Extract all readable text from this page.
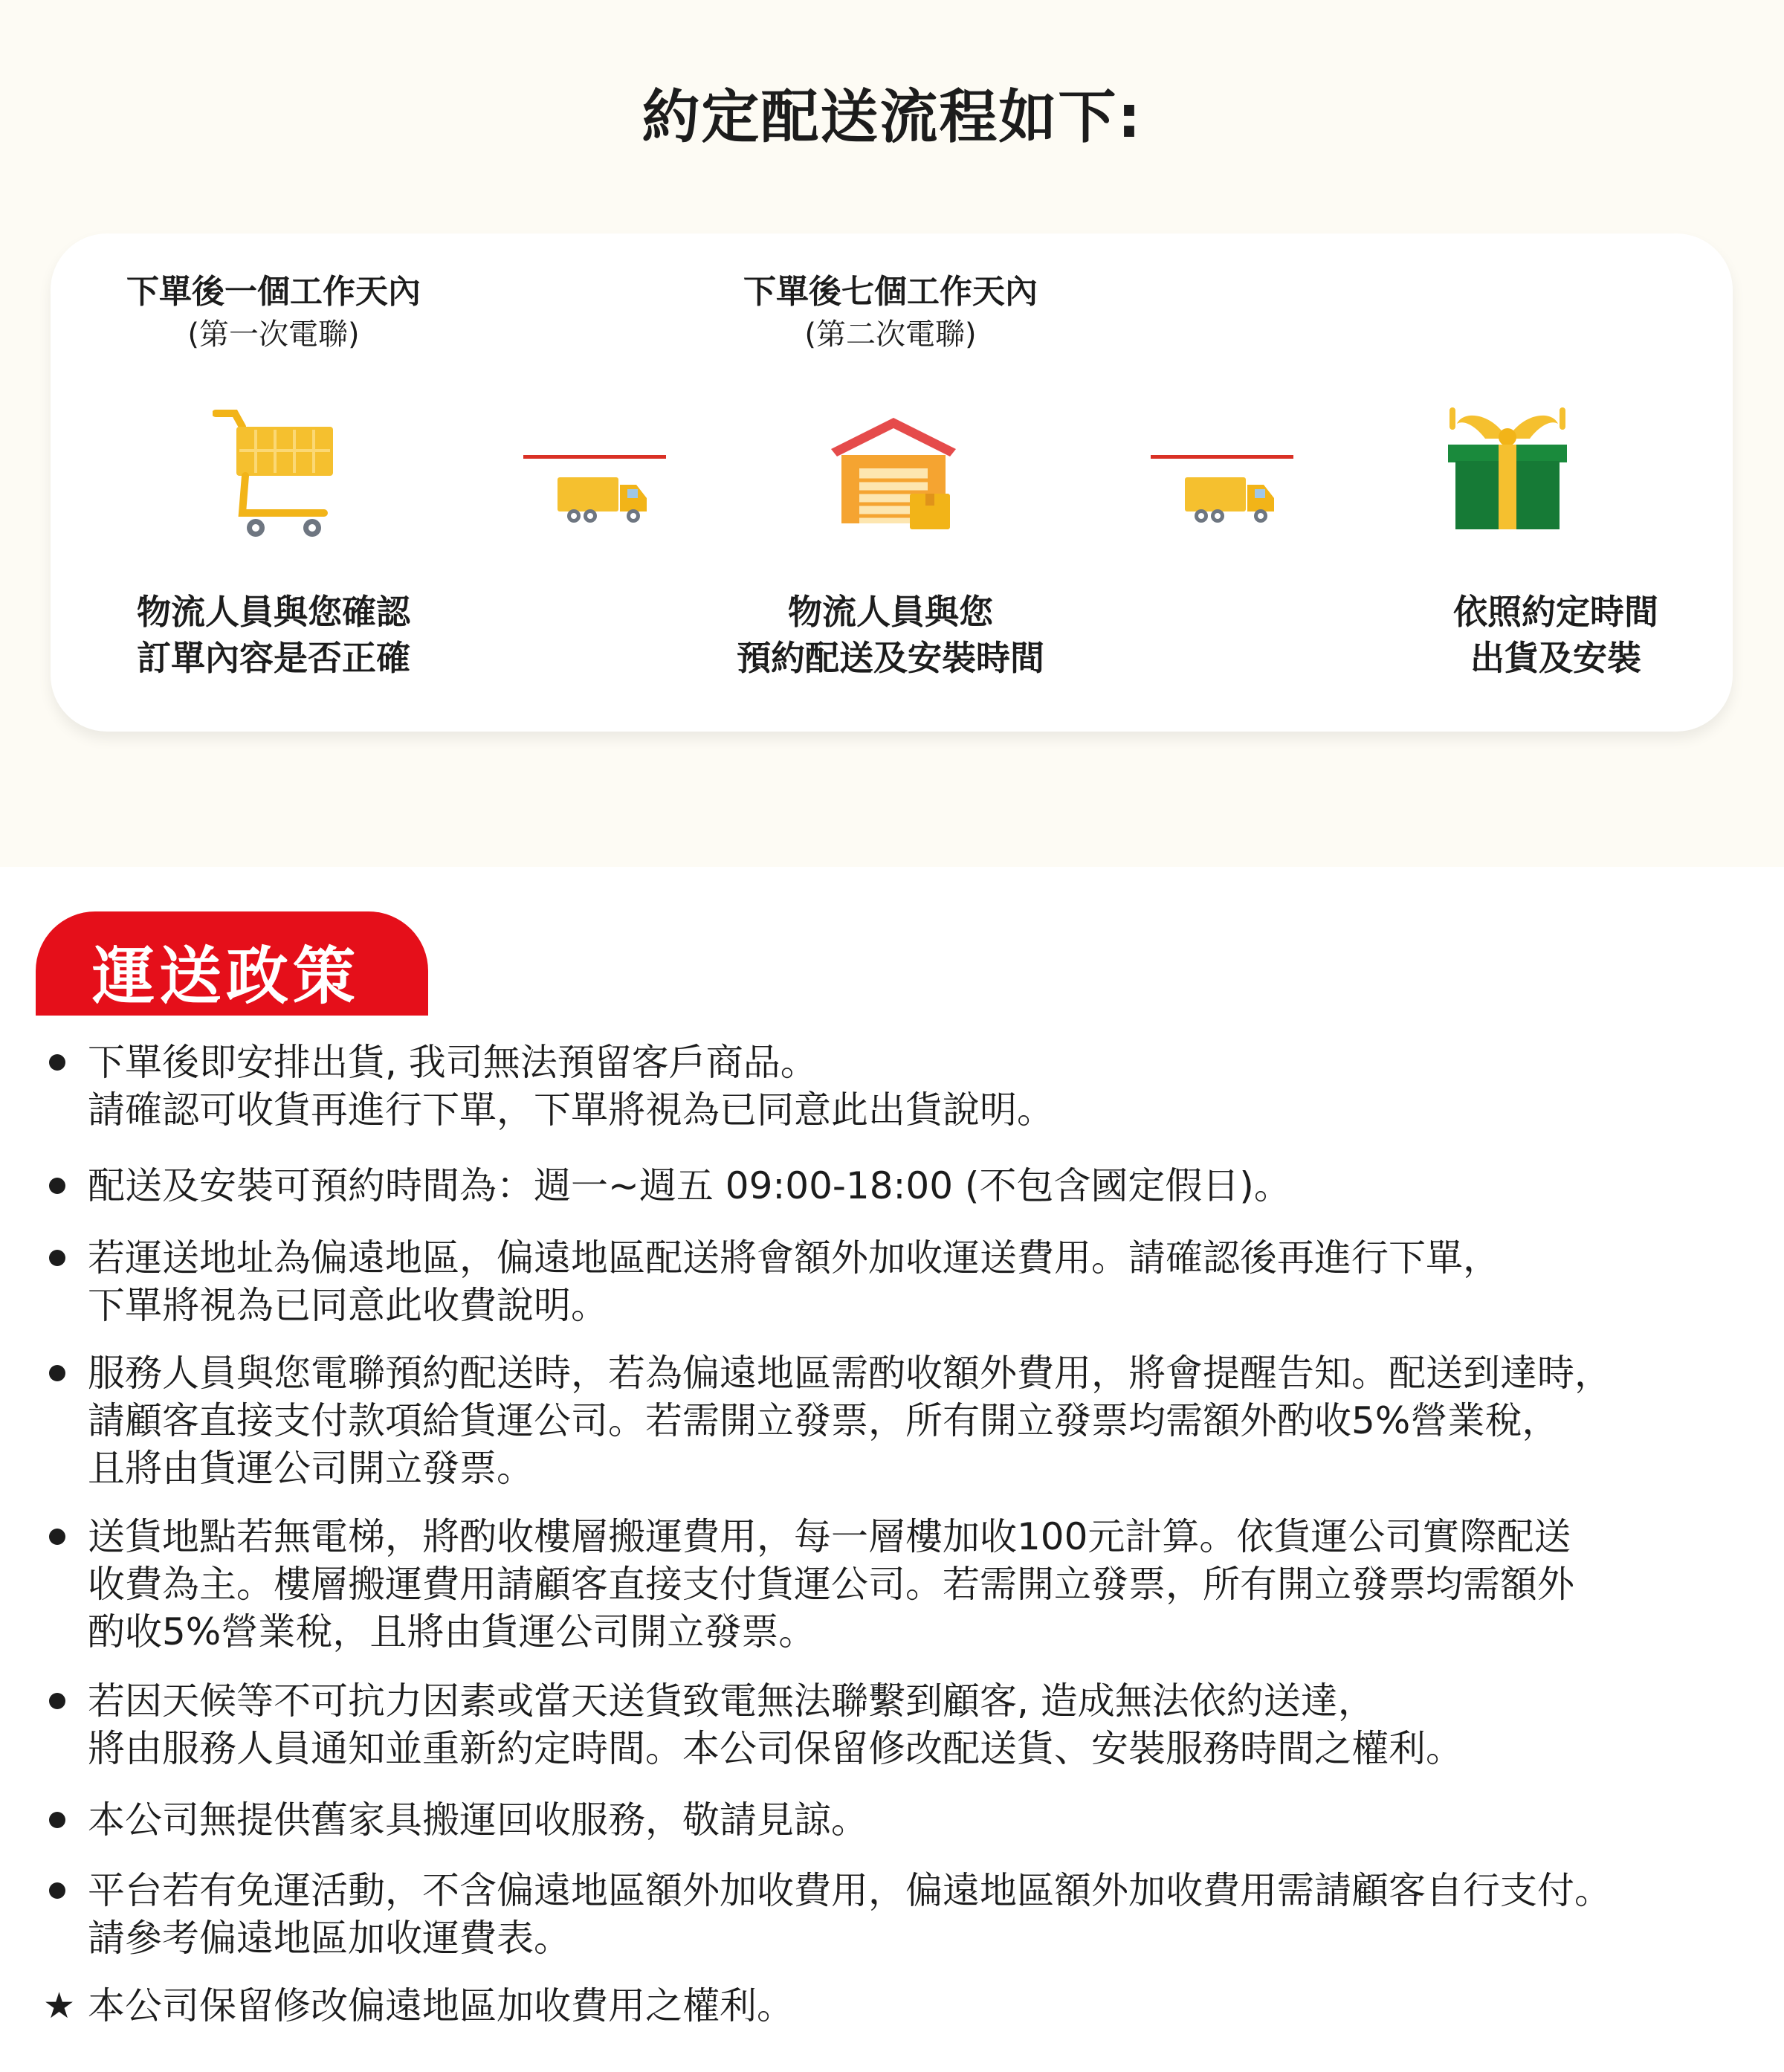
約定配送流程如下:
下單後一個工作天內
(第一次電聯)
物流人員與您確認
訂單內容是否正確
下單後七個工作天內
(第二次電聯)
物流人員與您
預約配送及安裝時間
依照約定時間
出貨及安裝
運送政策
下單後即安排出貨, 我司無法預留客戶商品。
請確認可收貨再進行下單，下單將視為已同意此出貨說明。
配送及安裝可預約時間為：週一~週五 09:00-18:00 (不包含國定假日)。
若運送地址為偏遠地區，偏遠地區配送將會額外加收運送費用。請確認後再進行下單，
下單將視為已同意此收費說明。
服務人員與您電聯預約配送時，若為偏遠地區需酌收額外費用，將會提醒告知。配送到達時，
請顧客直接支付款項給貨運公司。若需開立發票，所有開立發票均需額外酌收5%營業稅，
且將由貨運公司開立發票。
送貨地點若無電梯，將酌收樓層搬運費用，每一層樓加收100元計算。依貨運公司實際配送
收費為主。樓層搬運費用請顧客直接支付貨運公司。若需開立發票，所有開立發票均需額外
酌收5%營業稅，且將由貨運公司開立發票。
若因天候等不可抗力因素或當天送貨致電無法聯繫到顧客, 造成無法依約送達，
將由服務人員通知並重新約定時間。本公司保留修改配送貨、安裝服務時間之權利。
本公司無提供舊家具搬運回收服務，敬請見諒。
平台若有免運活動，不含偏遠地區額外加收費用，偏遠地區額外加收費用需請顧客自行支付。
請參考偏遠地區加收運費表。
★ 本公司保留修改偏遠地區加收費用之權利。
